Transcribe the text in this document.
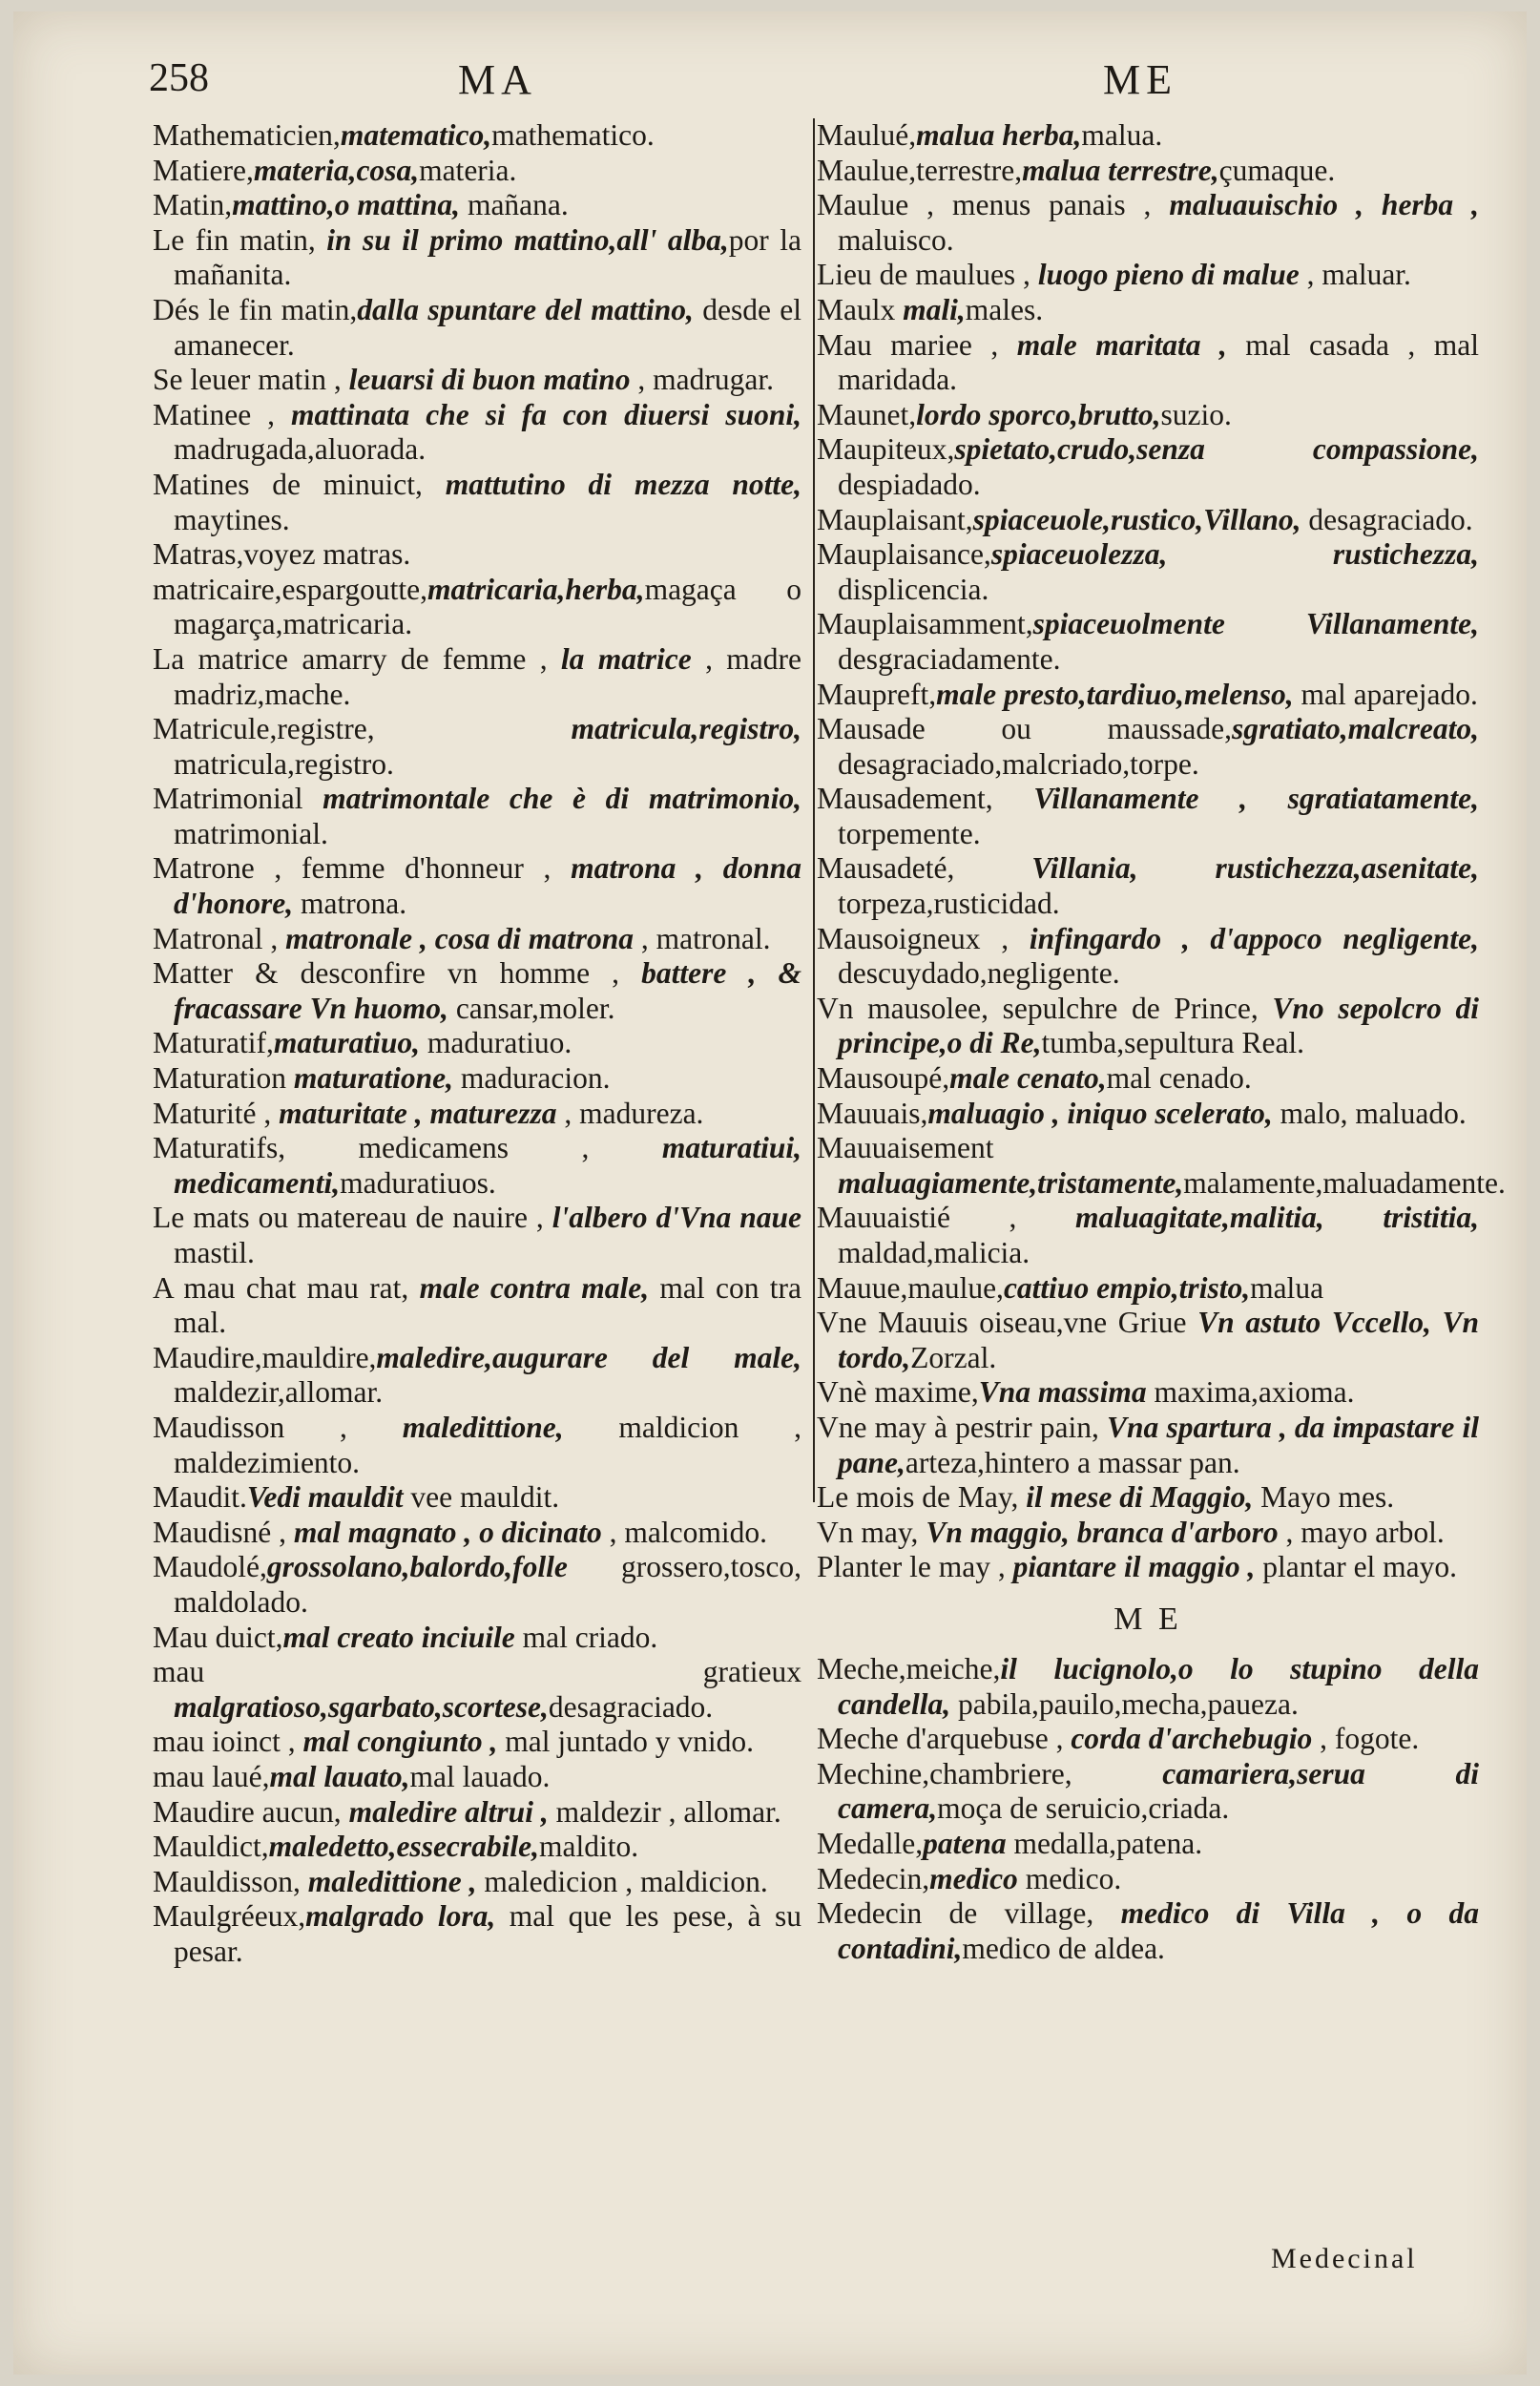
258	MA	ME

Mathematicien,matematico,mathematico.

Matiere,materia,cosa,materia.

Matin,mattino,o mattina, mañana.

Le fin matin, in su il primo mattino,all' alba,por la mañanita.

Dés le fin matin,dalla spuntare del mattino, desde el amanecer.

Se leuer matin , leuarsi di buon matino , madrugar.

Matinee , mattinata che si fa con diuersi suoni, madrugada,aluorada.

Matines de minuict, mattutino di mezza notte, maytines.

Matras,voyez matras.

matricaire,espargoutte,matricaria,herba,magaça o magarça,matricaria.

La matrice amarry de femme , la matrice , madre madriz,mache.

Matricule,registre, matricula,registro, matricula,registro.

Matrimonial matrimontale che è di matrimonio, matrimonial.

Matrone , femme d'honneur , matrona , donna d'honore, matrona.

Matronal , matronale , cosa di matrona , matronal.

Matter & desconfire vn homme , battere , & fracassare Vn huomo, cansar,moler.

Maturatif,maturatiuo, maduratiuo.

Maturation maturatione, maduracion.

Maturité , maturitate , maturezza , madureza.

Maturatifs, medicamens , maturatiui, medicamenti,maduratiuos.

Le mats ou matereau de nauire , l'albero d'Vna naue mastil.

A mau chat mau rat, male contra male, mal con tra mal.

Maudire,mauldire,maledire,augurare del male, maldezir,allomar.

Maudisson , maledittione, maldicion , maldezimiento.

Maudit.Vedi mauldit vee mauldit.

Maudisné , mal magnato , o dicinato , malcomido.

Maudolé,grossolano,balordo,folle grossero,tosco, maldolado.

Mau duict,mal creato inciuile mal criado.

mau gratieux malgratioso,sgarbato,scortese,desagraciado.

mau ioinct , mal congiunto , mal juntado y vnido.

mau laué,mal lauato,mal lauado.

Maudire aucun, maledire altrui , maldezir , allomar.

Mauldict,maledetto,essecrabile,maldito.

Mauldisson, maledittione , maledicion , maldicion.

Maulgréeux,malgrado lora, mal que les pese, à su pesar.

Maulué,malua herba,malua.

Maulue,terrestre,malua terrestre,çumaque.

Maulue , menus panais , maluauischio , herba , maluisco.

Lieu de maulues , luogo pieno di malue , maluar.

Maulx mali,males.

Mau mariee , male maritata , mal casada , mal maridada.

Maunet,lordo sporco,brutto,suzio.

Maupiteux,spietato,crudo,senza compassione, despiadado.

Mauplaisant,spiaceuole,rustico,Villano, desagraciado.

Mauplaisance,spiaceuolezza, rustichezza, displicencia.

Mauplaisamment,spiaceuolmente Villanamente, desgraciadamente.

Maupreft,male presto,tardiuo,melenso, mal aparejado.

Mausade ou maussade,sgratiato,malcreato, desagraciado,malcriado,torpe.

Mausadement, Villanamente , sgratiatamente, torpemente.

Mausadeté, Villania, rustichezza,asenitate, torpeza,rusticidad.

Mausoigneux , infingardo , d'appoco negligente, descuydado,negligente.

Vn mausolee, sepulchre de Prince, Vno sepolcro di principe,o di Re,tumba,sepultura Real.

Mausoupé,male cenato,mal cenado.

Mauuais,maluagio , iniquo scelerato, malo, maluado.

Mauuaisement maluagiamente,tristamente,malamente,maluadamente.

Mauuaistié , maluagitate,malitia, tristitia, maldad,malicia.

Mauue,maulue,cattiuo empio,tristo,malua

Vne Mauuis oiseau,vne Griue Vn astuto Vccello, Vn tordo,Zorzal.

Vnè maxime,Vna massima maxima,axioma.

Vne may à pestrir pain, Vna spartura , da impastare il pane,arteza,hintero a massar pan.

Le mois de May, il mese di Maggio, Mayo mes.

Vn may, Vn maggio, branca d'arboro , mayo arbol.

Planter le may , piantare il maggio , plantar el mayo.

M E

Meche,meiche,il lucignolo,o lo stupino della candella, pabila,pauilo,mecha,paueza.

Meche d'arquebuse , corda d'archebugio , fogote.

Mechine,chambriere, camariera,serua di camera,moça de seruicio,criada.

Medalle,patena medalla,patena.

Medecin,medico medico.

Medecin de village, medico di Villa , o da contadini,medico de aldea.

Medecinal
